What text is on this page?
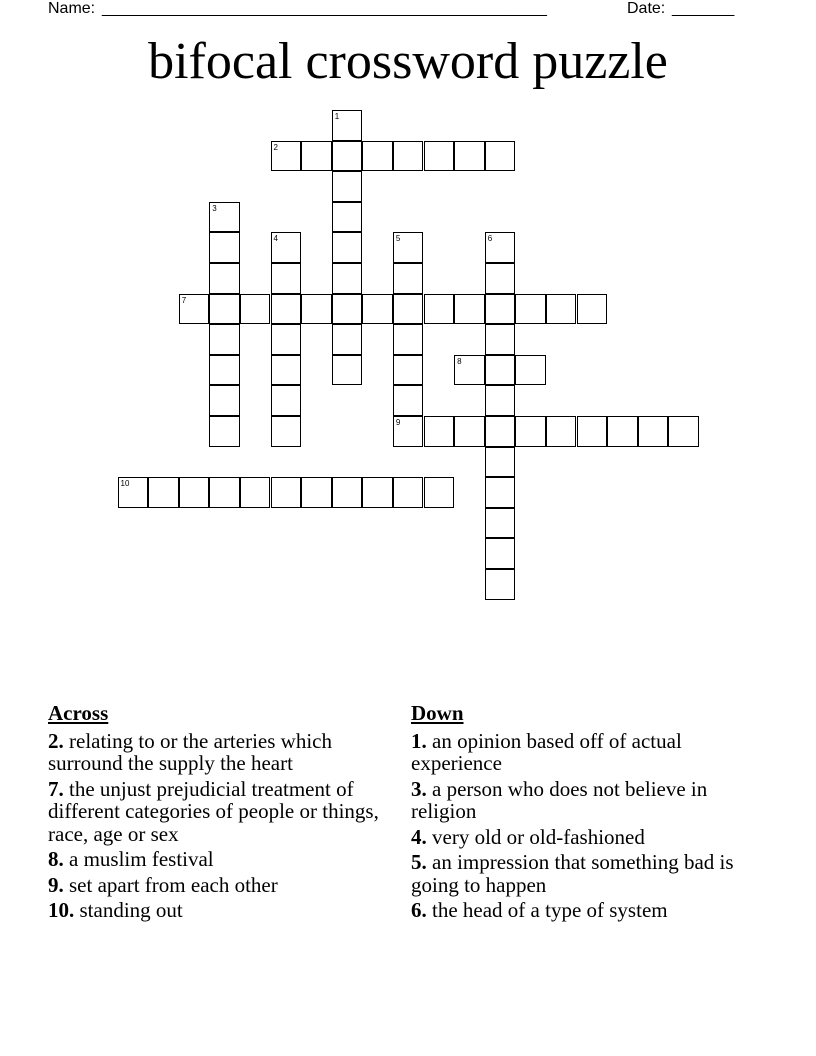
Name: __________________________________________________	Date: _______
bifocal crossword puzzle
1
2
3
4	5	6
7
8
9
10
Across
2. relating to or the arteries which surround the supply the heart
7. the unjust prejudicial treatment of different categories of people or things, race, age or sex
8. a muslim festival
9. set apart from each other
10. standing out
Down
1. an opinion based off of actual experience
3. a person who does not believe in religion
4. very old or old-fashioned
5. an impression that something bad is going to happen
6. the head of a type of system
